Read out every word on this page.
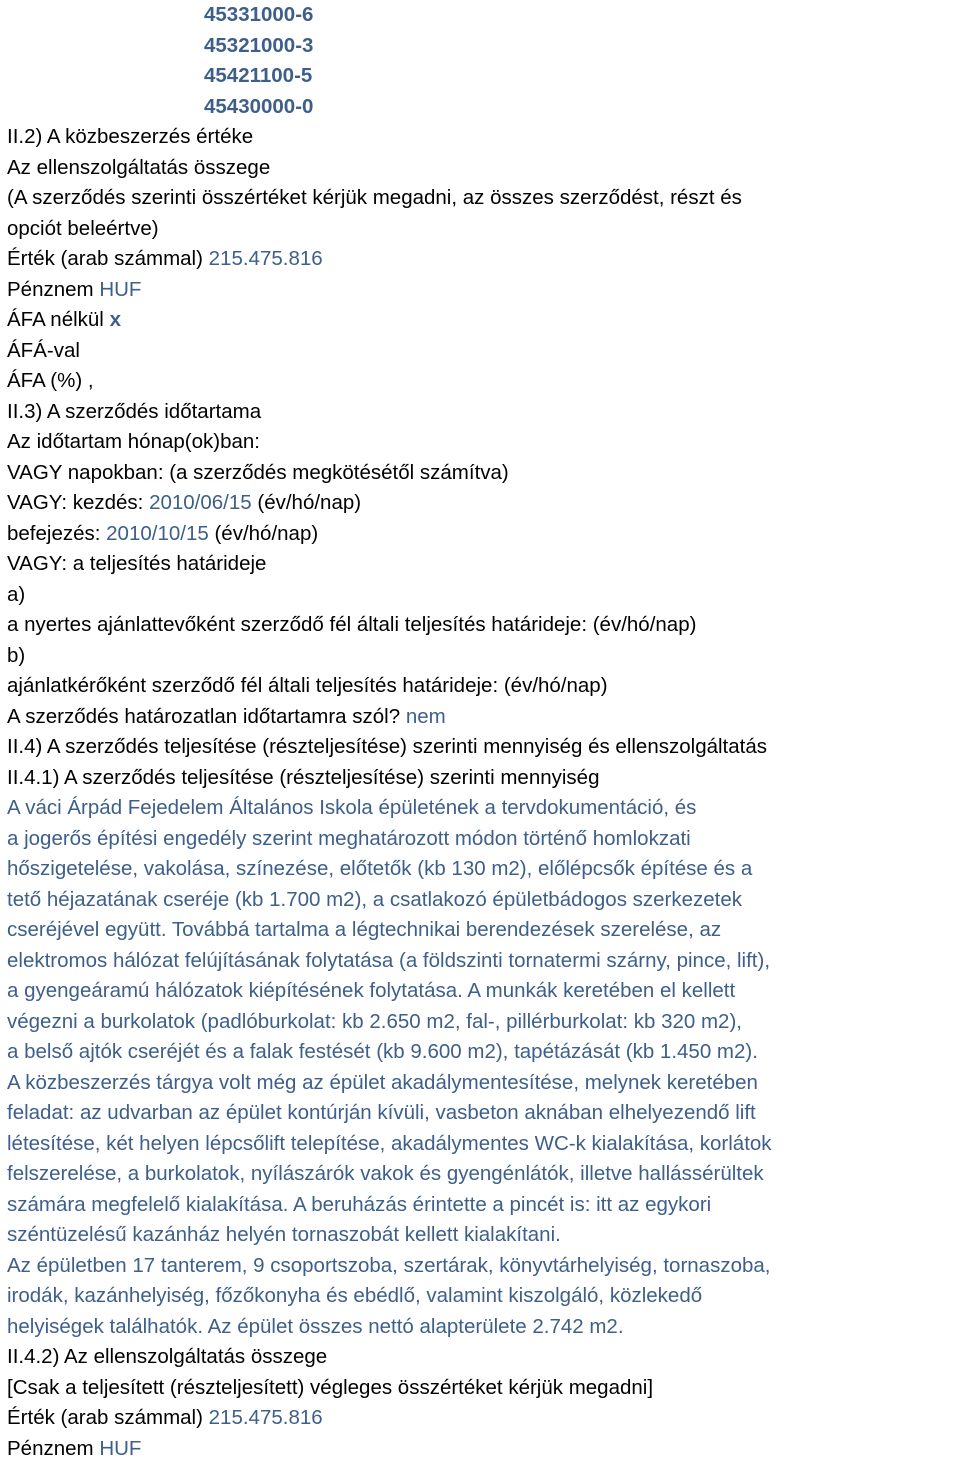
45331000-6
45321000-3
45421100-5
45430000-0
II.2) A közbeszerzés értéke
Az ellenszolgáltatás összege
(A szerződés szerinti összértéket kérjük megadni, az összes szerződést, részt és
opciót beleértve)
Érték (arab számmal) 215.475.816
Pénznem HUF
ÁFA nélkül x
ÁFÁ-val
ÁFA (%) ,
II.3) A szerződés időtartama
Az időtartam hónap(ok)ban:
VAGY napokban: (a szerződés megkötésétől számítva)
VAGY: kezdés: 2010/06/15 (év/hó/nap)
befejezés: 2010/10/15 (év/hó/nap)
VAGY: a teljesítés határideje
a)
a nyertes ajánlattevőként szerződő fél általi teljesítés határideje: (év/hó/nap)
b)
ajánlatkérőként szerződő fél általi teljesítés határideje: (év/hó/nap)
A szerződés határozatlan időtartamra szól? nem
II.4) A szerződés teljesítése (részteljesítése) szerinti mennyiség és ellenszolgáltatás
II.4.1) A szerződés teljesítése (részteljesítése) szerinti mennyiség
A váci Árpád Fejedelem Általános Iskola épületének a tervdokumentáció, és
a jogerős építési engedély szerint meghatározott módon történő homlokzati
hőszigetelése, vakolása, színezése, előtetők (kb 130 m2), előlépcsők építése és a
tető héjazatának cseréje (kb 1.700 m2), a csatlakozó épületbádogos szerkezetek
cseréjével együtt. Továbbá tartalma a légtechnikai berendezések szerelése, az
elektromos hálózat felújításának folytatása (a földszinti tornatermi szárny, pince, lift),
a gyengeáramú hálózatok kiépítésének folytatása. A munkák keretében el kellett
végezni a burkolatok (padlóburkolat: kb 2.650 m2, fal-, pillérburkolat: kb 320 m2),
a belső ajtók cseréjét és a falak festését (kb 9.600 m2), tapétázását (kb 1.450 m2).
A közbeszerzés tárgya volt még az épület akadálymentesítése, melynek keretében
feladat: az udvarban az épület kontúrján kívüli, vasbeton aknában elhelyezendő lift
létesítése, két helyen lépcsőlift telepítése, akadálymentes WC-k kialakítása, korlátok
felszerelése, a burkolatok, nyílászárók vakok és gyengénlátók, illetve hallássérültek
számára megfelelő kialakítása. A beruházás érintette a pincét is: itt az egykori
széntüzelésű kazánház helyén tornaszobát kellett kialakítani.
Az épületben 17 tanterem, 9 csoportszoba, szertárak, könyvtárhelyiség, tornaszoba,
irodák, kazánhelyiség, főzőkonyha és ebédlő, valamint kiszolgáló, közlekedő
helyiségek találhatók. Az épület összes nettó alapterülete 2.742 m2.
II.4.2) Az ellenszolgáltatás összege
[Csak a teljesített (részteljesített) végleges összértéket kérjük megadni]
Érték (arab számmal) 215.475.816
Pénznem HUF
